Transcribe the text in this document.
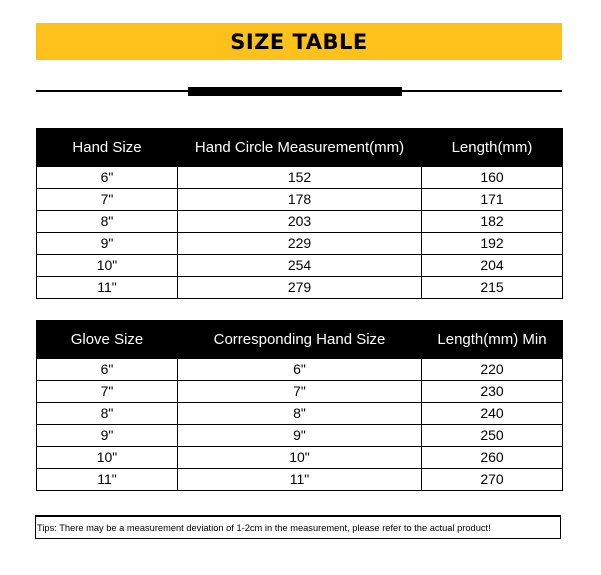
SIZE TABLE
Hand Size	Hand Circle Measurement(mm)	Length(mm)
6"	152	160
7"	178	171
8"	203	182
9"	229	192
10"	254	204
11"	279	215
Glove Size	Corresponding Hand Size	Length(mm) Min
6"	6"	220
7"	7"	230
8"	8"	240
9"	9"	250
10"	10"	260
11"	11"	270
Tips: There may be a measurement deviation of 1-2cm in the measurement, please refer to the actual product!
